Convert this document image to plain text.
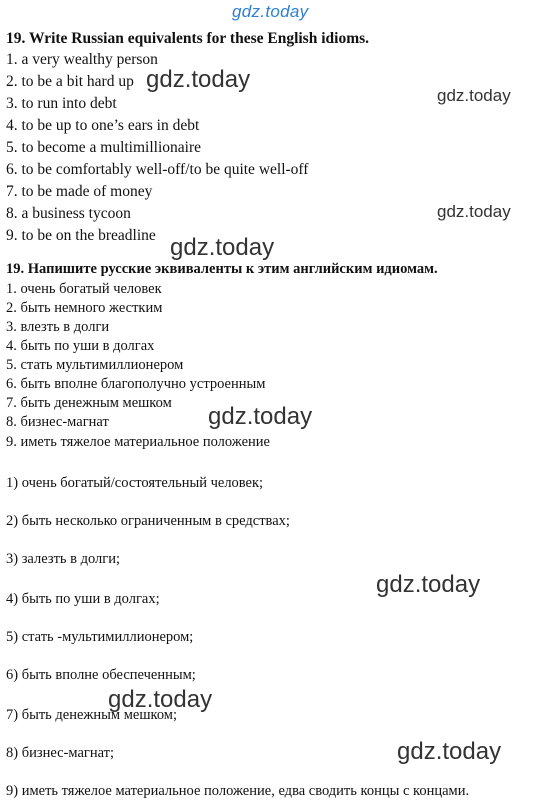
gdz.today
19. Write Russian equivalents for these English idioms.
1. a very wealthy person
2. to be a bit hard up
3. to run into debt
4. to be up to one’s ears in debt
5. to become a multimillionaire
6. to be comfortably well-off/to be quite well-off
7. to be made of money
8. a business tycoon
9. to be on the breadline
19. Напишите русские эквиваленты к этим английским идиомам.
1. очень богатый человек
2. быть немного жестким
3. влезть в долги
4. быть по уши в долгах
5. стать мультимиллионером
6. быть вполне благополучно устроенным
7. быть денежным мешком
8. бизнес-магнат
9. иметь тяжелое материальное положение
1) очень богатый/состоятельный человек;
2) быть несколько ограниченным в средствах;
3) залезть в долги;
4) быть по уши в долгах;
5) стать -мультимиллионером;
6) быть вполне обеспеченным;
7) быть денежным мешком;
8) бизнес-магнат;
9) иметь тяжелое материальное положение, едва сводить концы с концами.
gdz.today
gdz.today
gdz.today
gdz.today
gdz.today
gdz.today
gdz.today
gdz.today
